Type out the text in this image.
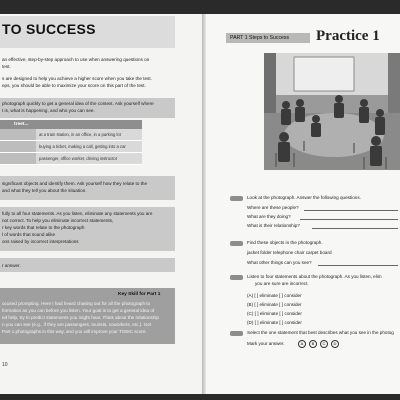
TO SUCCESS
an effective, step-by-step approach to use when answering questions on
test.
s are designed to help you achieve a higher score when you take the test.
eps, you should be able to maximize your score on this part of the test.
photograph quickly to get a general idea of the context. Ask yourself where
t is, what is happening, and who you can see.
treet...
at a train station, in an office, in a parking lot
buying a ticket, making a call, getting into a car
passenger, office worker, driving instructor
significant objects and identify them. Ask yourself how they relate to the
and what they tell you about the situation.
fully to all four statements. As you listen, eliminate any statements you are
not correct. To help you eliminate incorrect statements,
r key words that relate to the photograph
l of words that sound alike
ons raised by incorrect interpretations
r answer.
Key Skill for Part 1
ocused prompting. Here I had heard chasing out for all the photograph to
formation as you can before you listen. Your goal is to get a general idea of
ed help, try to predict statements you might hear. Think about the relationship
n you can see (e.g., if they are passengers, tourists, coworkers, etc.). Get
Part 1 photographs in this way, and you will improve your TOEIC score.
10
PART 1 Steps to Success	Practice 1
Look at the photograph. Answer the following questions.
Where are these people?
What are they doing?
What is their relationship?
Find these objects in the photograph.
jacket folder telephone chair carpet board
What other things can you see?
Listen to four statements about the photograph. As you listen, elim
you are sure are incorrect.
(A) [ ] eliminate [ ] consider
(B) [ ] eliminate [ ] consider
(C) [ ] eliminate [ ] consider
(D) [ ] eliminate [ ] consider
Select the one statement that best describes what you see in the photog
Mark your answer.	A	B	C	D
